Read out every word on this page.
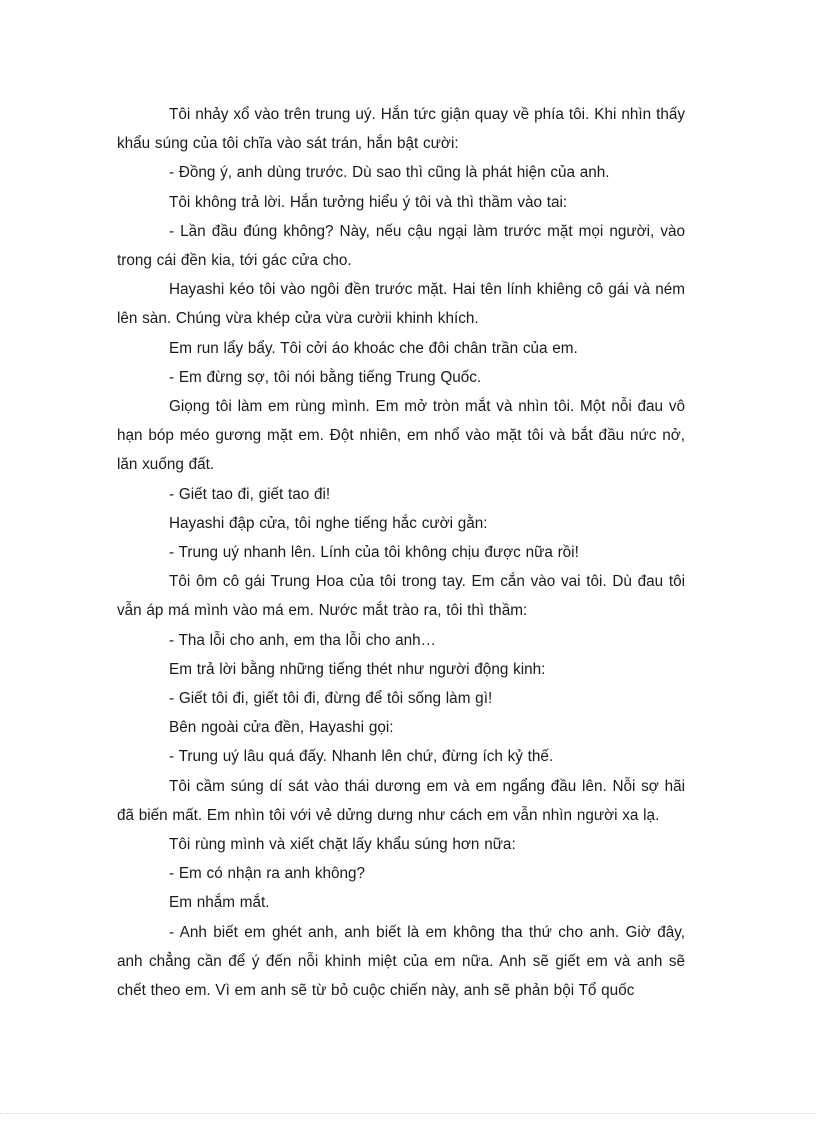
Tôi nhảy xổ vào trên trung uý. Hắn tức giận quay về phía tôi. Khi nhìn thấy khẩu súng của tôi chĩa vào sát trán, hắn bật cười:

- Đồng ý, anh dùng trước. Dù sao thì cũng là phát hiện của anh.

Tôi không trả lời. Hắn tưởng hiểu ý tôi và thì thầm vào tai:

- Lần đầu đúng không? Này, nếu cậu ngại làm trước mặt mọi người, vào trong cái đền kia, tới gác cửa cho.

Hayashi kéo tôi vào ngôi đền trước mặt. Hai tên lính khiêng cô gái và ném lên sàn. Chúng vừa khép cửa vừa cườii khinh khích.

Em run lẩy bẩy. Tôi cởi áo khoác che đôi chân trần của em.

- Em đừng sợ, tôi nói bằng tiếng Trung Quốc.

Giọng tôi làm em rùng mình. Em mở tròn mắt và nhìn tôi. Một nỗi đau vô hạn bóp méo gương mặt em. Đột nhiên, em nhổ vào mặt tôi và bắt đầu nức nở, lăn xuống đất.

- Giết tao đi, giết tao đi!

Hayashi đập cửa, tôi nghe tiếng hắc cười gằn:

- Trung uý nhanh lên. Lính của tôi không chịu được nữa rồi!

Tôi ôm cô gái Trung Hoa của tôi trong tay. Em cắn vào vai tôi. Dù đau tôi vẫn áp má mình vào má em. Nước mắt trào ra, tôi thì thầm:

- Tha lỗi cho anh, em tha lỗi cho anh…

Em trả lời bằng những tiếng thét như người động kinh:

- Giết tôi đi, giết tôi đi, đừng để tôi sống làm gì!

Bên ngoài cửa đền, Hayashi gọi:

- Trung uý lâu quá đấy. Nhanh lên chứ, đừng ích kỷ thế.

Tôi cầm súng dí sát vào thái dương em và em ngẩng đầu lên. Nỗi sợ hãi đã biến mất. Em nhìn tôi với vẻ dửng dưng như cách em vẫn nhìn người xa lạ.

Tôi rùng mình và xiết chặt lấy khẩu súng hơn nữa:

- Em có nhận ra anh không?

Em nhắm mắt.

- Anh biết em ghét anh, anh biết là em không tha thứ cho anh. Giờ đây, anh chẳng cần để ý đến nỗi khinh miệt của em nữa. Anh sẽ giết em và anh sẽ chết theo em. Vì em anh sẽ từ bỏ cuộc chiến này, anh sẽ phản bội Tổ quốc
